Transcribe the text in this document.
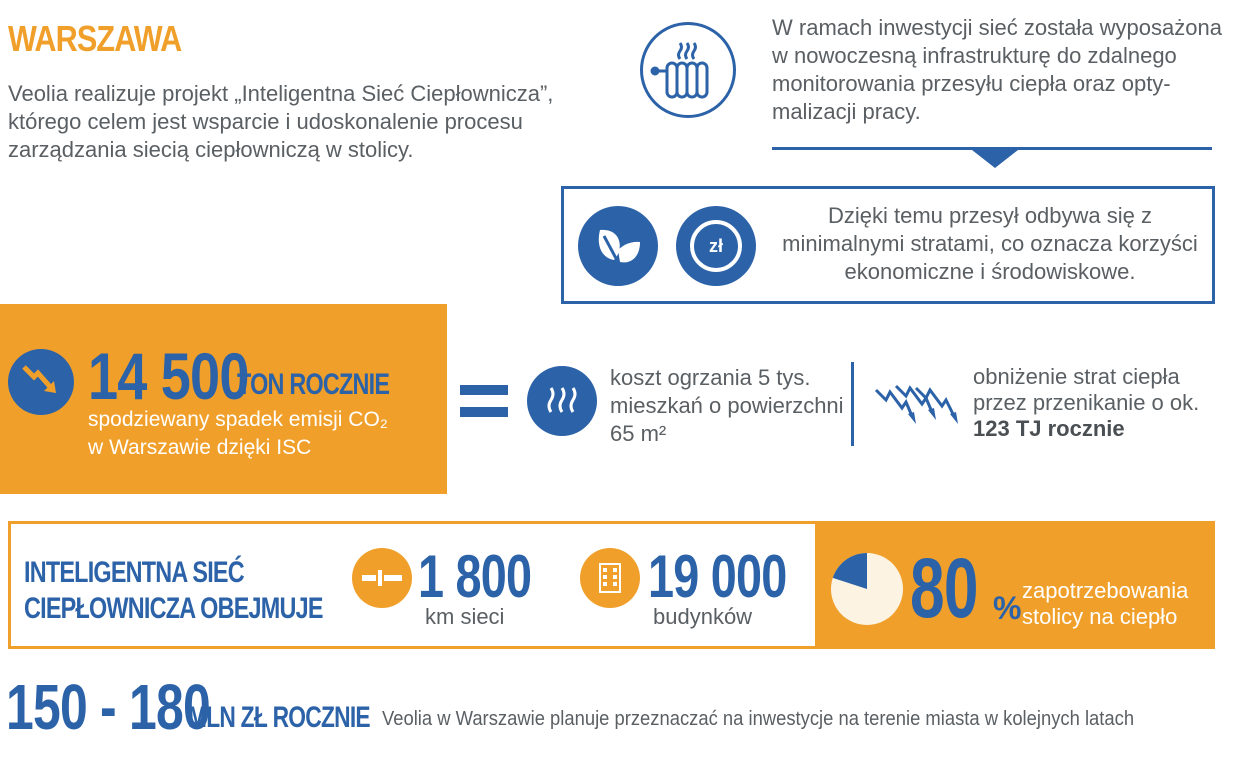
WARSZAWA
Veolia realizuje projekt „Inteligentna Sieć Ciepłownicza”, którego celem jest wsparcie i udoskonalenie procesu zarządzania siecią ciepłowniczą w stolicy.
W ramach inwestycji sieć została wyposażona w nowoczesną infrastrukturę do zdalnego monitorowania przesyłu ciepła oraz opty-malizacji pracy.
zł
Dzięki temu przesył odbywa się z minimalnymi stratami, co oznacza korzyści ekonomiczne i środowiskowe.
14 500
TON ROCZNIE
spodziewany spadek emisji CO₂
w Warszawie dzięki ISC
koszt ogrzania 5 tys. mieszkań o powierzchni 65 m²
obniżenie strat ciepła przez przenikanie o ok. 123 TJ rocznie
INTELIGENTNA SIEĆ
CIEPŁOWNICZA OBEJMUJE 1 800
km sieci
19 000
budynków 80 % zapotrzebowania stolicy na ciepło
150 - 180
MLN ZŁ ROCZNIE Veolia w Warszawie planuje przeznaczać na inwestycje na terenie miasta w kolejnych latach
